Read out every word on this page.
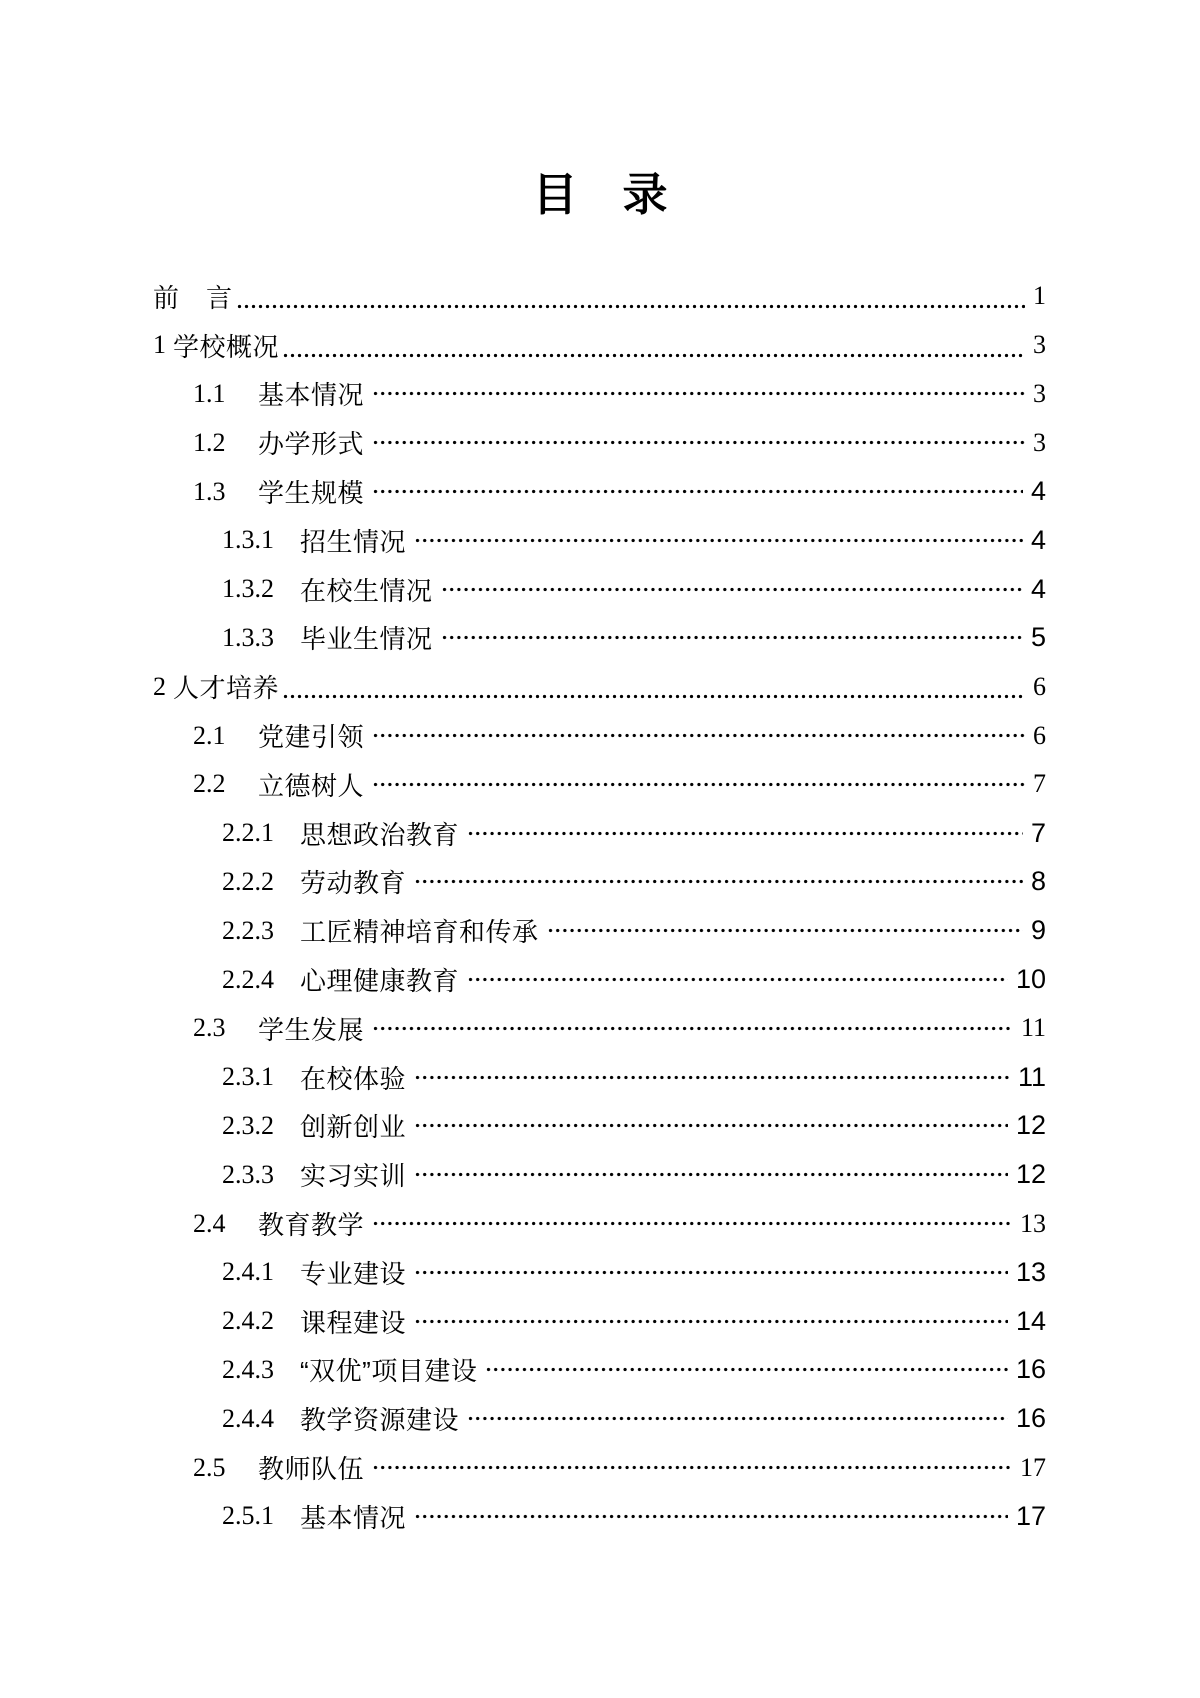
目　录
前　言	1
1 学校概况	3
1.1	基本情况	3
1.2	办学形式	3
1.3	学生规模	4
1.3.1	招生情况	4
1.3.2	在校生情况	4
1.3.3	毕业生情况	5
2 人才培养	6
2.1	党建引领	6
2.2	立德树人	7
2.2.1	思想政治教育	7
2.2.2	劳动教育	8
2.2.3	工匠精神培育和传承	9
2.2.4	心理健康教育	10
2.3	学生发展	11
2.3.1	在校体验	11
2.3.2	创新创业	12
2.3.3	实习实训	12
2.4	教育教学	13
2.4.1	专业建设	13
2.4.2	课程建设	14
2.4.3	“双优”项目建设	16
2.4.4	教学资源建设	16
2.5	教师队伍	17
2.5.1	基本情况	17
